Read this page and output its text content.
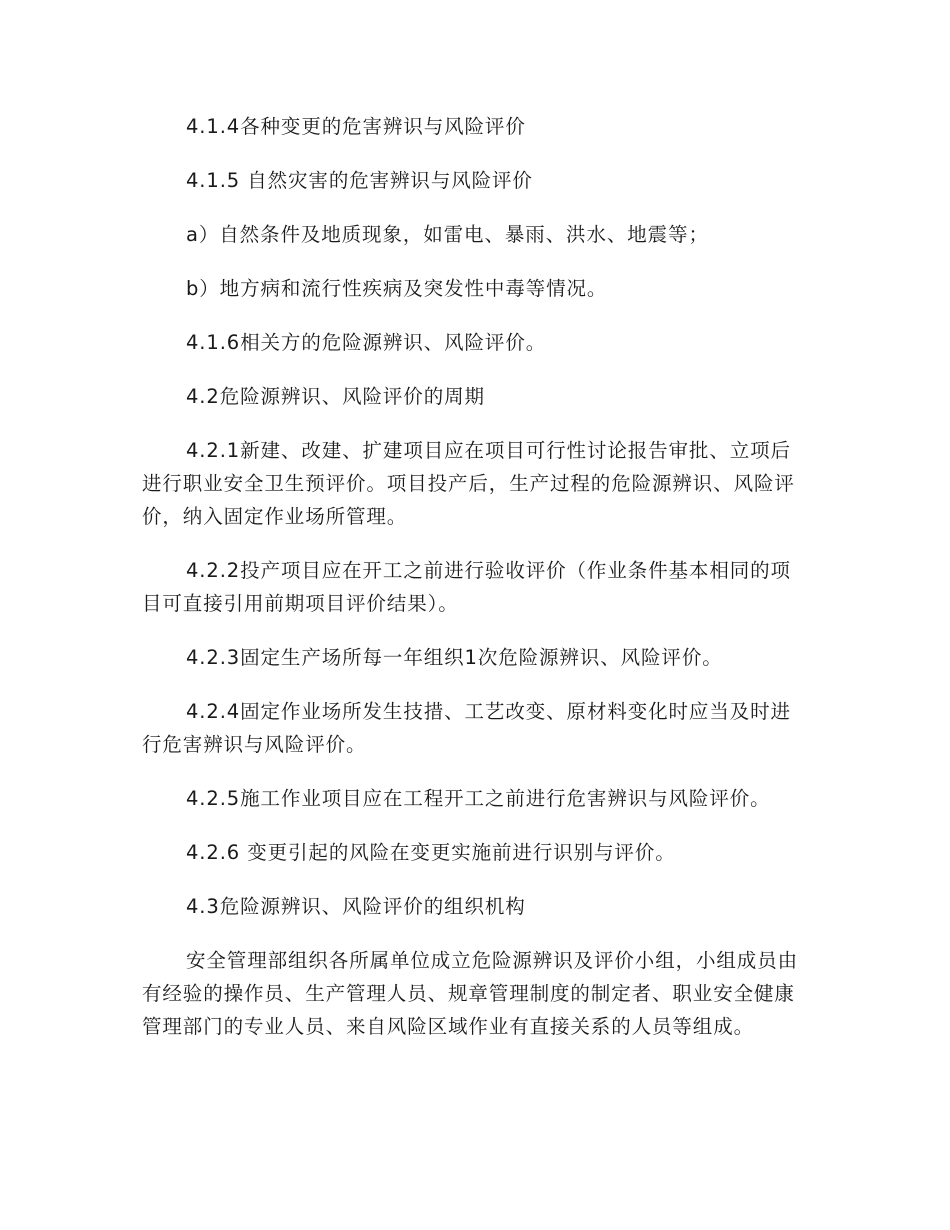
4.1.4各种变更的危害辨识与风险评价

4.1.5 自然灾害的危害辨识与风险评价

a）自然条件及地质现象，如雷电、暴雨、洪水、地震等；

b）地方病和流行性疾病及突发性中毒等情况。

4.1.6相关方的危险源辨识、风险评价。

4.2危险源辨识、风险评价的周期

4.2.1新建、改建、扩建项目应在项目可行性讨论报告审批、立项后进行职业安全卫生预评价。项目投产后，生产过程的危险源辨识、风险评价，纳入固定作业场所管理。

4.2.2投产项目应在开工之前进行验收评价（作业条件基本相同的项目可直接引用前期项目评价结果）。

4.2.3固定生产场所每一年组织1次危险源辨识、风险评价。

4.2.4固定作业场所发生技措、工艺改变、原材料变化时应当及时进行危害辨识与风险评价。

4.2.5施工作业项目应在工程开工之前进行危害辨识与风险评价。

4.2.6 变更引起的风险在变更实施前进行识别与评价。

4.3危险源辨识、风险评价的组织机构

安全管理部组织各所属单位成立危险源辨识及评价小组，小组成员由有经验的操作员、生产管理人员、规章管理制度的制定者、职业安全健康管理部门的专业人员、来自风险区域作业有直接关系的人员等组成。
